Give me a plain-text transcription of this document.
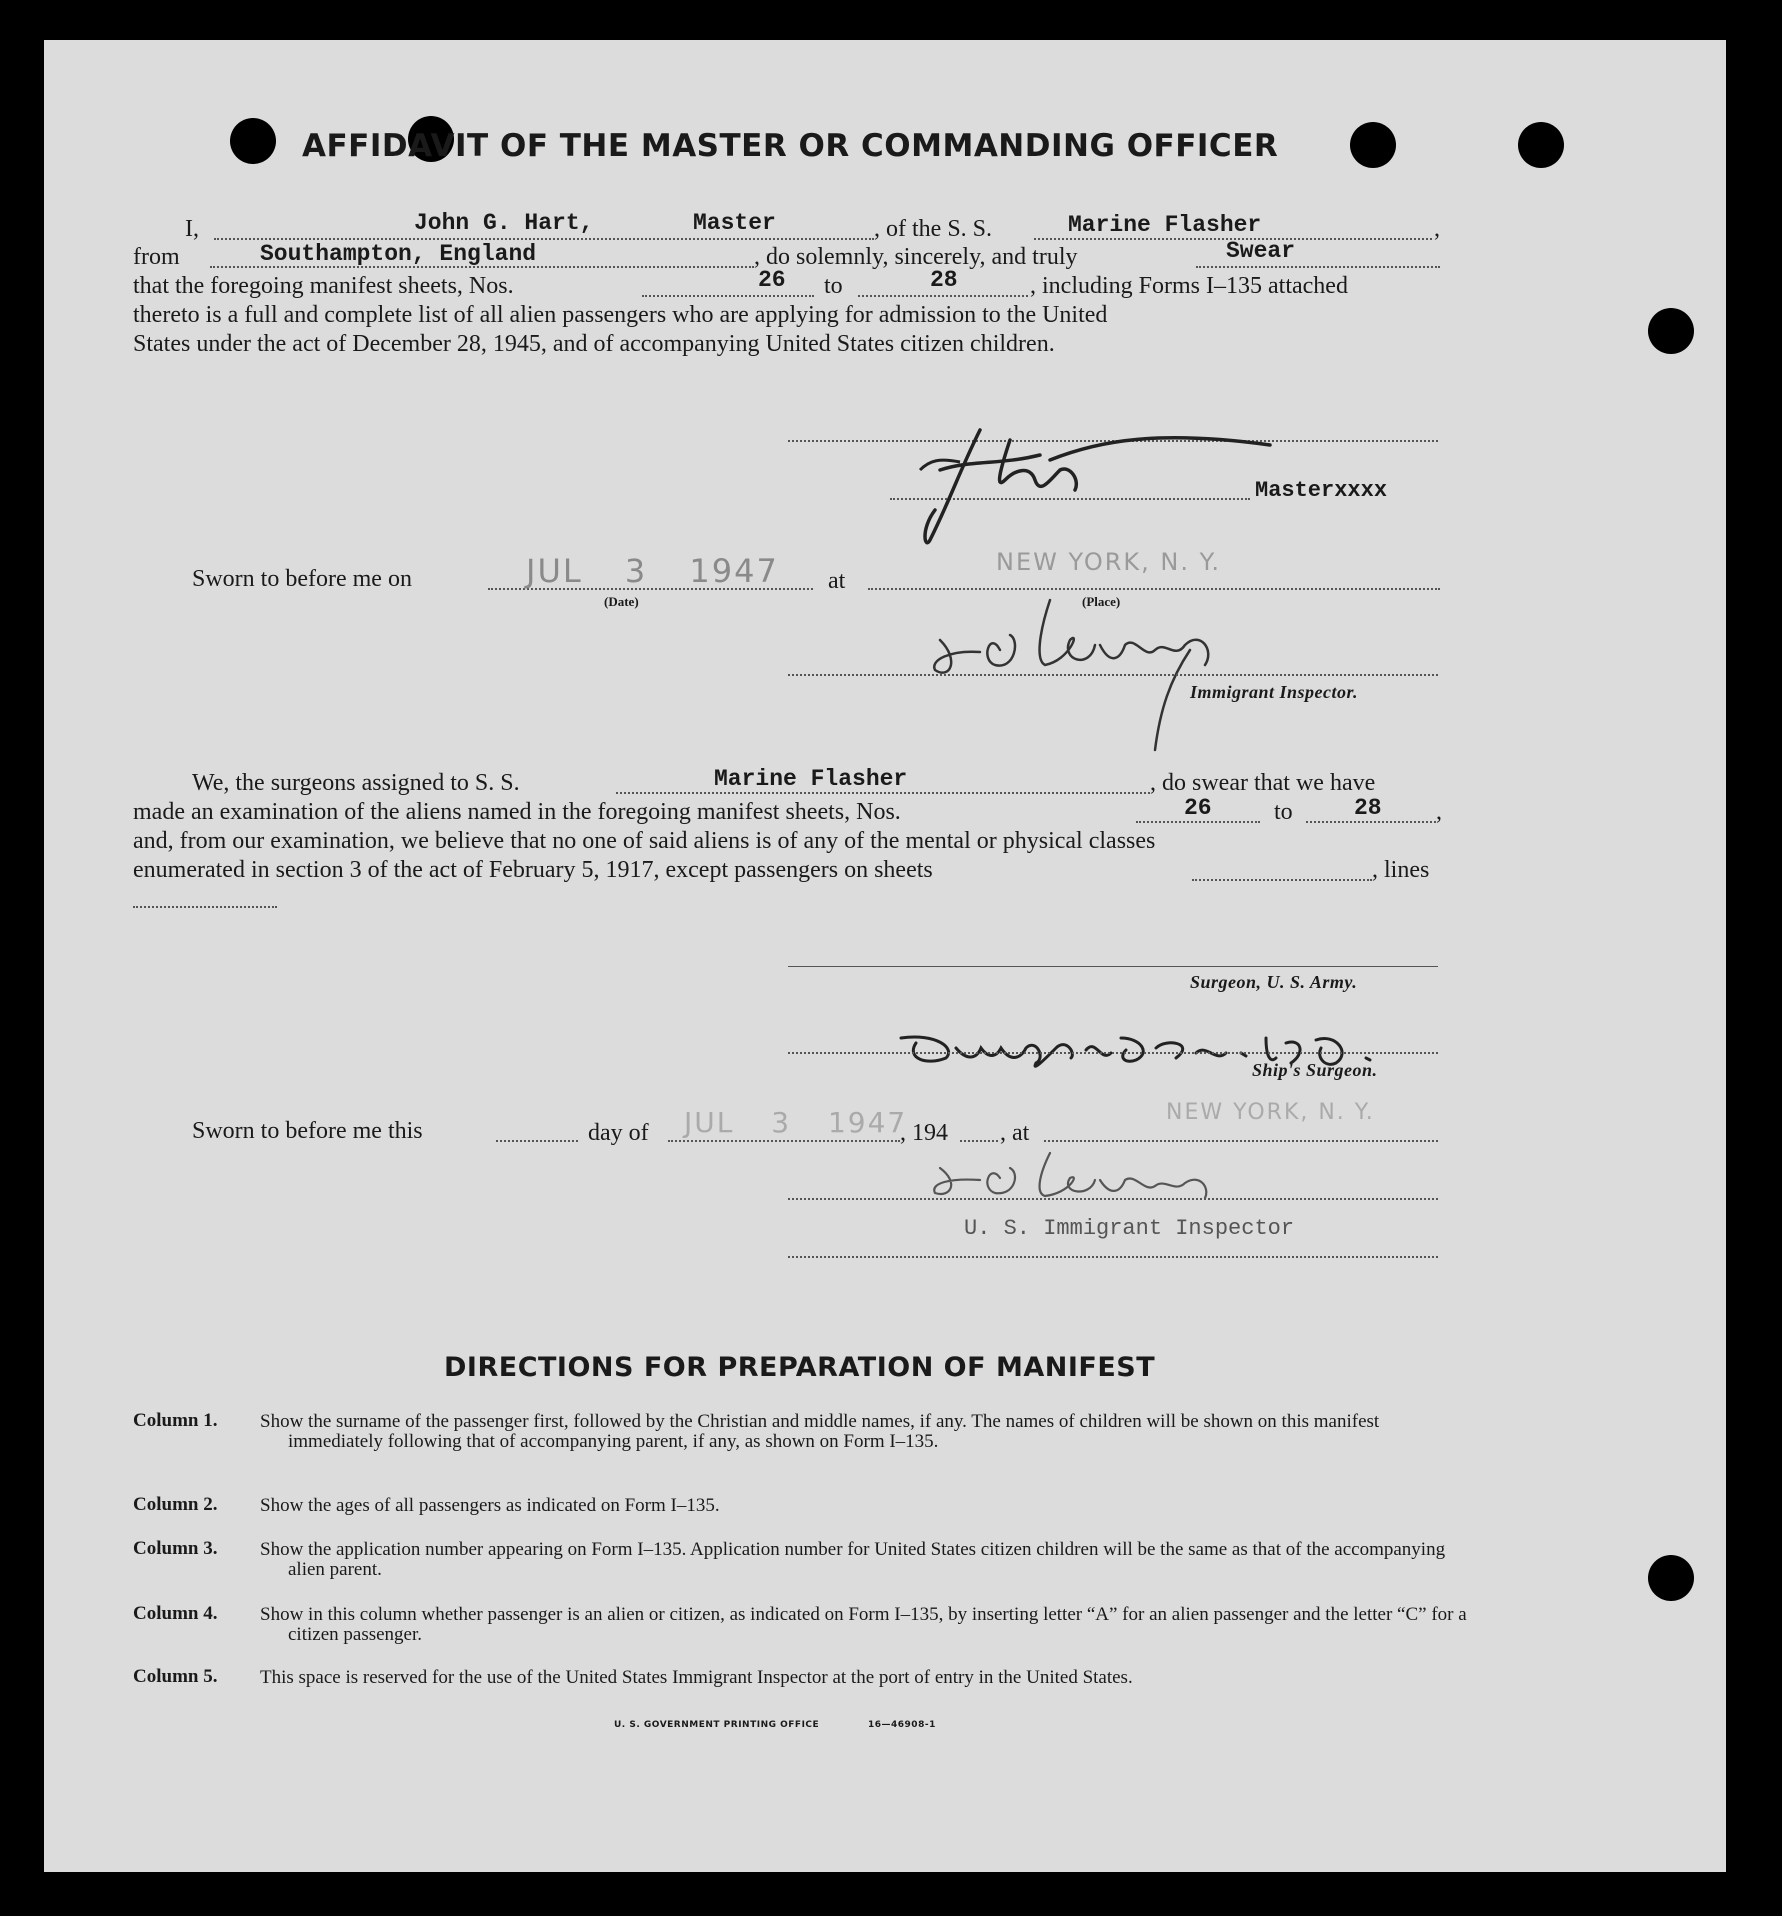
AFFIDAVIT OF THE MASTER OR COMMANDING OFFICER
I,	John G. Hart,	Master	, of the S. S.	Marine Flasher	,
from	Southampton, England	, do solemnly, sincerely, and truly	Swear
that the foregoing manifest sheets, Nos.	26 to	28	, including Forms I–135 attached
thereto is a full and complete list of all alien passengers who are applying for admission to the United
States under the act of December 28, 1945, and of accompanying United States citizen children.
Masterxxxx
Sworn to before me on	JUL 3 1947
(Date)
at
NEW YORK, N. Y.
(Place)
Immigrant Inspector.
We, the surgeons assigned to S. S.	Marine Flasher	, do swear that we have
made an examination of the aliens named in the foregoing manifest sheets, Nos.	26	to	28 ,
and, from our examination, we believe that no one of said aliens is of any of the mental or physical classes
enumerated in section 3 of the act of February 5, 1917, except passengers on sheets	, lines
Surgeon, U. S. Army.
Ship's Surgeon.
Sworn to before me this	day of JUL 3 1947
, 194 , at
NEW YORK, N. Y.
U. S. Immigrant Inspector
DIRECTIONS FOR PREPARATION OF MANIFEST
Column 1. Show the surname of the passenger first, followed by the Christian and middle names, if any. The names of children will be shown on this manifest immediately following that of accompanying parent, if any, as shown on Form I–135.
Column 2. Show the ages of all passengers as indicated on Form I–135.
Column 3. Show the application number appearing on Form I–135. Application number for United States citizen children will be the same as that of the accompanying alien parent.
Column 4. Show in this column whether passenger is an alien or citizen, as indicated on Form I–135, by inserting letter “A” for an alien passenger and the letter “C” for a citizen passenger.
Column 5. This space is reserved for the use of the United States Immigrant Inspector at the port of entry in the United States.
U. S. GOVERNMENT PRINTING OFFICE	16—46908-1
